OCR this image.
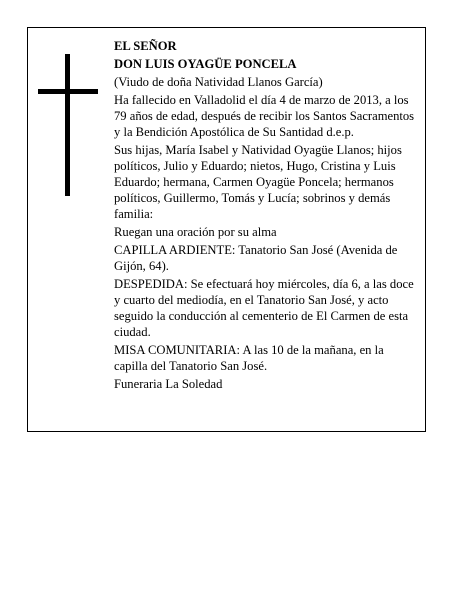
EL SEÑOR

DON LUIS OYAGÜE PONCELA

(Viudo de doña Natividad Llanos García)

Ha fallecido en Valladolid el día 4 de marzo de 2013, a los 79 años de edad, después de recibir los Santos Sacramentos y la Bendición Apostólica de Su Santidad d.e.p.

Sus hijas, María Isabel y Natividad Oyagüe Llanos; hijos políticos, Julio y Eduardo; nietos, Hugo, Cristina y Luis Eduardo; hermana, Carmen Oyagüe Poncela; hermanos políticos, Guillermo, Tomás y Lucía; sobrinos y demás familia:

Ruegan una oración por su alma

CAPILLA ARDIENTE: Tanatorio San José (Avenida de Gijón, 64).

DESPEDIDA: Se efectuará hoy miércoles, día 6, a las doce y cuarto del mediodía, en el Tanatorio San José, y acto seguido la conducción al cementerio de El Carmen de esta ciudad.

MISA COMUNITARIA: A las 10 de la mañana, en la capilla del Tanatorio San José.

Funeraria La Soledad
